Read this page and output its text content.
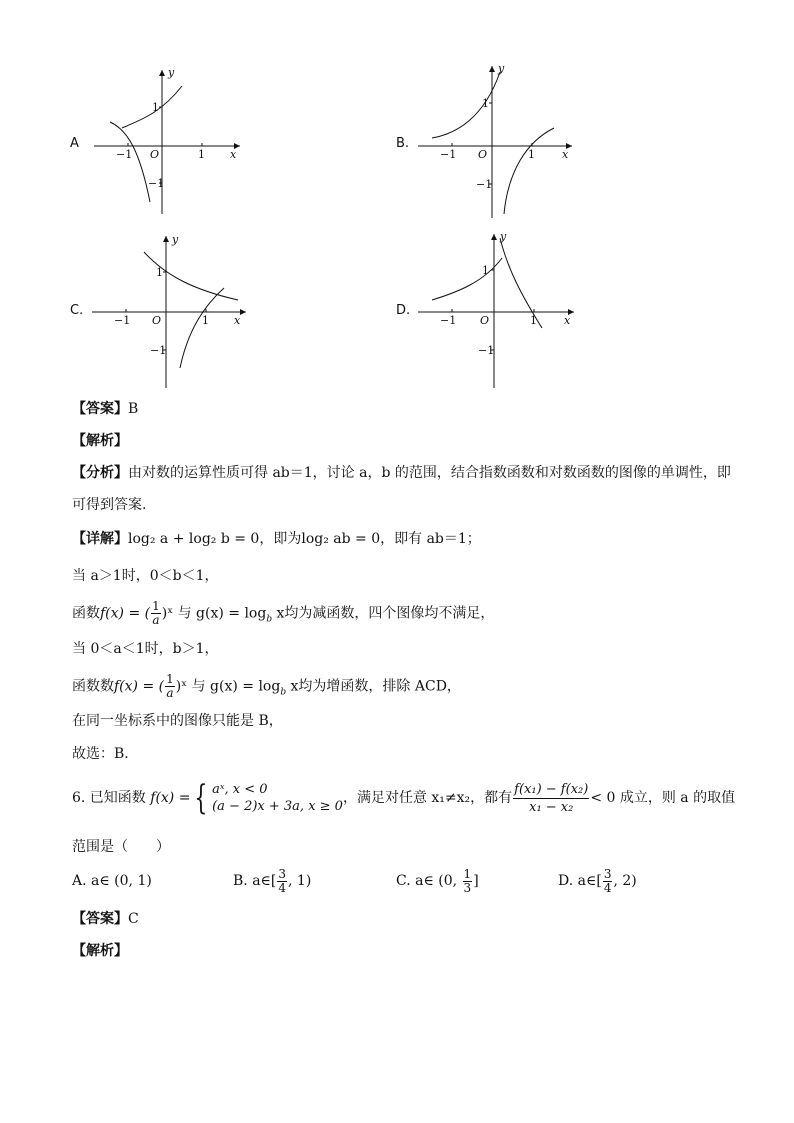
A
x
y
O
−1	1
1
−1
B.
x
y
O
−1	1
1
−1
C.
x
y
O
−1	1
1
−1
D.
x
y
O
−1	1
1
−1
【答案】B
【解析】
【分析】由对数的运算性质可得 ab＝1，讨论 a，b 的范围，结合指数函数和对数函数的图像的单调性，即
可得到答案.
【详解】log₂ a + log₂ b = 0，即为log₂ ab = 0，即有 ab＝1；
当 a＞1时，0＜b＜1，
函数f(x) = ( $\frac{1}{a}$ )ˣ 与 $g(x) = \log_b x$均为减函数，四个图像均不满足，
当 0＜a＜1时，b＞1，
函数数f(x) = ( $\frac{1}{a}$ )ˣ 与 $g(x) = \log_b x$均为增函数，排除 ACD，
在同一坐标系中的图像只能是 B，
故选：B.
6. 已知函数 f(x) = { aˣ, x < 0
(a − 2)x + 3a, x ≥ 0
，满足对任意 x₁≠x₂，都有 $\frac{\text{f(x₁) − f(x₂)}}{\text{x₁ − x₂}} < 0$ 成立，则 a 的取值
范围是（　　）
A. a∈ (0, 1)	B. a∈[ $\frac{3}{4}$ , 1)	C. a∈ (0, $\frac{1}{3}$ ]	D. a∈[ $\frac{3}{4}$ , 2)
【答案】C
【解析】
